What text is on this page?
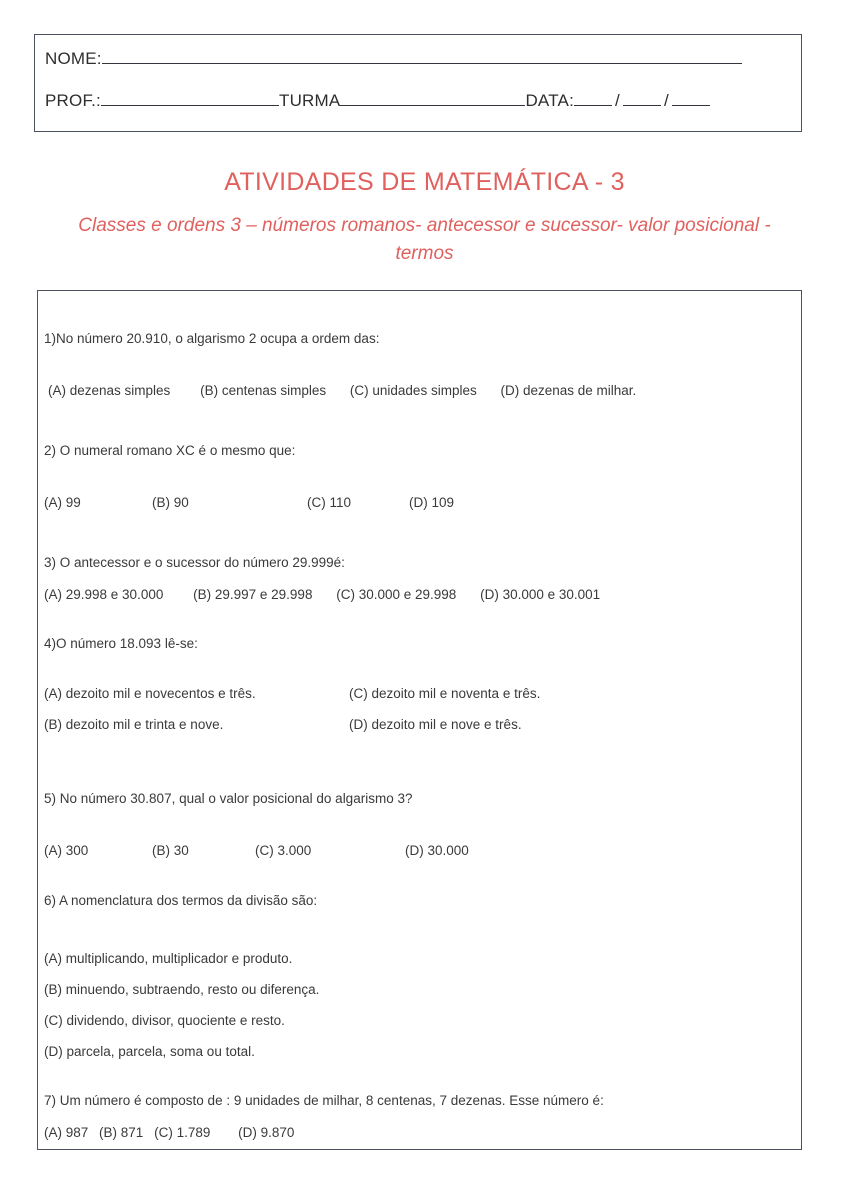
NOME:
PROF.:	TURMA	DATA: /	/
ATIVIDADES DE MATEMÁTICA - 3
Classes e ordens 3 – números romanos- antecessor e sucessor- valor posicional - termos
1)No número 20.910, o algarismo 2 ocupa a ordem das:
(A) dezenas simples (B) centenas simples (C) unidades simples (D) dezenas de milhar.
2) O numeral romano XC é o mesmo que:
(A) 99	(B) 90	(C) 110	(D) 109
3) O antecessor e o sucessor do número 29.999é:
(A) 29.998 e 30.000 (B) 29.997 e 29.998 (C) 30.000 e 29.998 (D) 30.000 e 30.001
4)O número 18.093 lê-se:
(A) dezoito mil e novecentos e três.
(B) dezoito mil e trinta e nove.
(C) dezoito mil e noventa e três.
(D) dezoito mil e nove e três.
5) No número 30.807, qual o valor posicional do algarismo 3?
(A) 300	(B) 30	(C) 3.000	(D) 30.000
6) A nomenclatura dos termos da divisão são:
(A) multiplicando, multiplicador e produto.
(B) minuendo, subtraendo, resto ou diferença.
(C) dividendo, divisor, quociente e resto.
(D) parcela, parcela, soma ou total.
7) Um número é composto de : 9 unidades de milhar, 8 centenas, 7 dezenas. Esse número é:
(A) 987 (B) 871 (C) 1.789 (D) 9.870
